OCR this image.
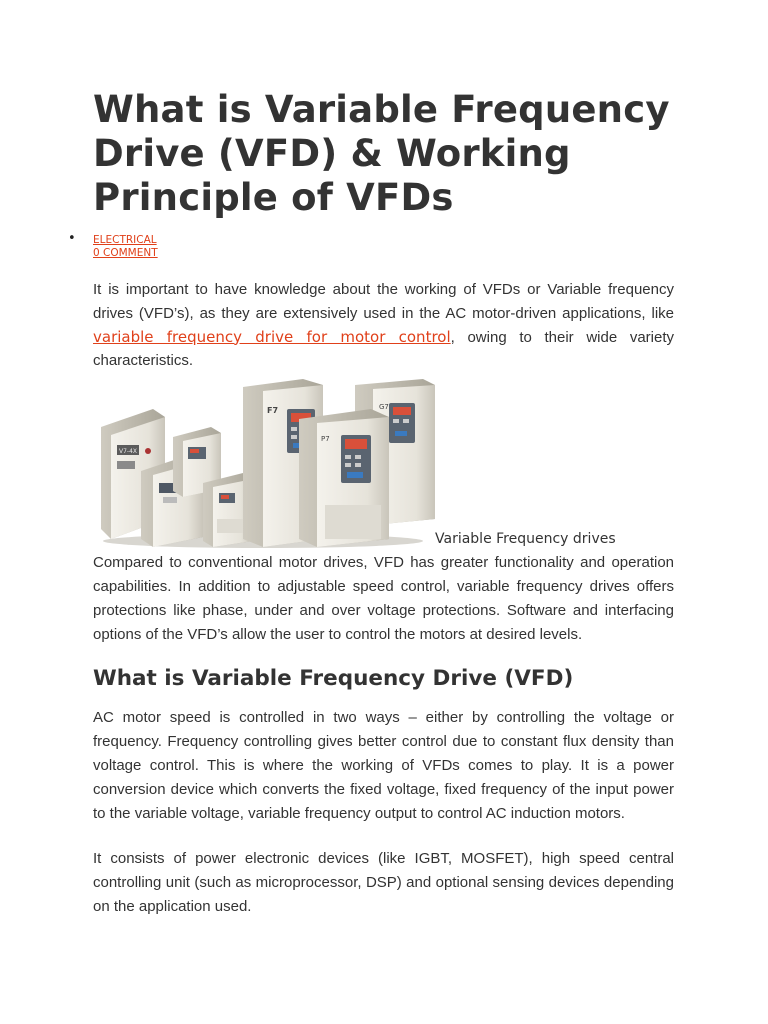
What is Variable Frequency Drive (VFD) & Working Principle of VFDs
• ELECTRICAL
0 COMMENT

It is important to have knowledge about the working of VFDs or Variable frequency drives (VFD’s), as they are extensively used in the AC motor-driven applications, like variable frequency drive for motor control, owing to their wide variety characteristics.

V7-4X
F7	G7
P7
Variable Frequency drives

Compared to conventional motor drives, VFD has greater functionality and operation capabilities. In addition to adjustable speed control, variable frequency drives offers protections like phase, under and over voltage protections. Software and interfacing options of the VFD’s allow the user to control the motors at desired levels.

What is Variable Frequency Drive (VFD)

AC motor speed is controlled in two ways – either by controlling the voltage or frequency. Frequency controlling gives better control due to constant flux density than voltage control. This is where the working of VFDs comes to play. It is a power conversion device which converts the fixed voltage, fixed frequency of the input power to the variable voltage, variable frequency output to control AC induction motors.

It consists of power electronic devices (like IGBT, MOSFET), high speed central controlling unit (such as microprocessor, DSP) and optional sensing devices depending on the application used.
